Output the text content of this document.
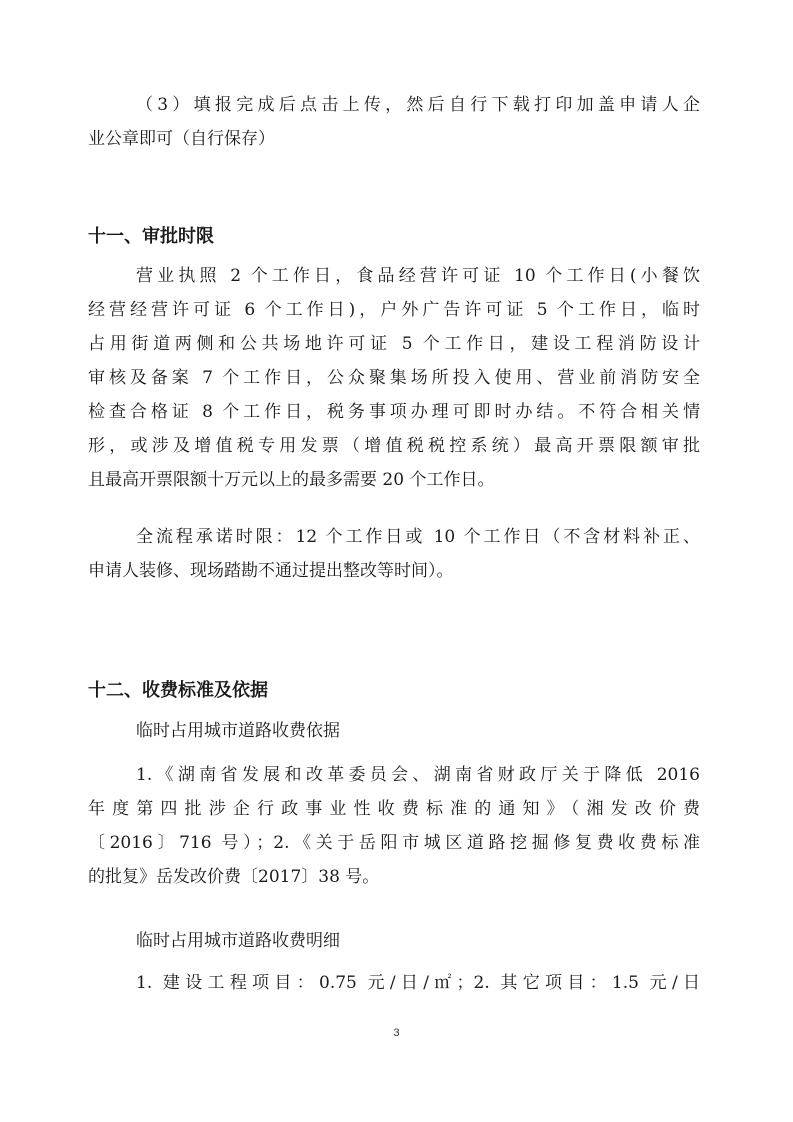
（3）填报完成后点击上传，然后自行下载打印加盖申请人企
业公章即可（自行保存）
十一、审批时限
营业执照 2 个工作日，食品经营许可证 10 个工作日(小餐饮
经营经营许可证 6 个工作日)，户外广告许可证 5 个工作日，临时
占用街道两侧和公共场地许可证 5 个工作日，建设工程消防设计
审核及备案 7 个工作日，公众聚集场所投入使用、营业前消防安全
检查合格证 8 个工作日，税务事项办理可即时办结。不符合相关情
形，或涉及增值税专用发票（增值税税控系统）最高开票限额审批
且最高开票限额十万元以上的最多需要 20 个工作日。
全流程承诺时限：12 个工作日或 10 个工作日（不含材料补正、
申请人装修、现场踏勘不通过提出整改等时间）。
十二、收费标准及依据
临时占用城市道路收费依据
1.《湖南省发展和改革委员会、湖南省财政厅关于降低 2016
年度第四批涉企行政事业性收费标准的通知》（湘发改价费
〔2016〕716 号）；2.《关于岳阳市城区道路挖掘修复费收费标准
的批复》岳发改价费〔2017〕38 号。
临时占用城市道路收费明细
1. 建设工程项目：0.75 元/日/㎡；2. 其它项目：1.5 元/日
3
